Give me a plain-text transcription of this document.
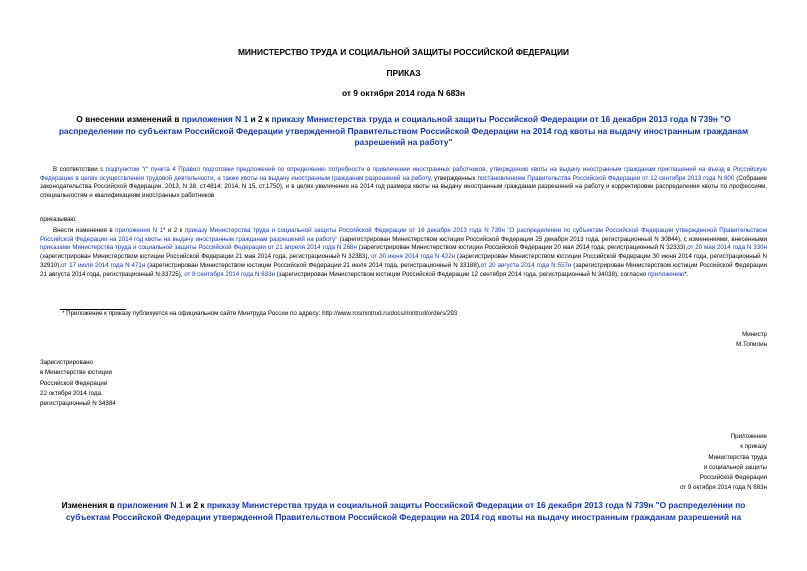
МИНИСТЕРСТВО ТРУДА И СОЦИАЛЬНОЙ ЗАЩИТЫ РОССИЙСКОЙ ФЕДЕРАЦИИ
ПРИКАЗ
от 9 октября 2014 года N 683н
О внесении изменений в приложения N 1 и 2 к приказу Министерства труда и социальной защиты Российской Федерации от 16 декабря 2013 года N 739н "О распределении по субъектам Российской Федерации утвержденной Правительством Российской Федерации на 2014 год квоты на выдачу иностранным гражданам разрешений на работу"

В соответствии с подпунктом "г" пункта 4 Правил подготовки предложений по определению потребности в привлечении иностранных работников, утверждению квоты на выдачу иностранным гражданам приглашений на въезд в Российскую Федерацию в целях осуществления трудовой деятельности, а также квоты на выдачу иностранным гражданам разрешений на работу, утвержденных постановлением Правительства Российской Федерации от 12 сентября 2013 года N 800 (Собрание законодательства Российской Федерации, 2013, N 38, ст.4814; 2014, N 15, ст.1750), и в целях увеличения на 2014 год размера квоты на выдачу иностранным гражданам разрешений на работу и корректировки распределения квоты по профессиям, специальностям и квалификациям иностранных работников

приказываю:

Внести изменения в приложения N 1* и 2 к приказу Министерства труда и социальной защиты Российской Федерации от 16 декабря 2013 года N 739н "О распределении по субъектам Российской Федерации утвержденной Правительством Российской Федерации на 2014 год квоты на выдачу иностранным гражданам разрешений на работу" (зарегистрирован Министерством юстиции Российской Федерации 25 декабря 2013 года, регистрационный N 30844), с изменениями, внесенными приказами Министерства труда и социальной защиты Российской Федерации от 21 апреля 2014 года N 268н (зарегистрирован Министерством юстиции Российской Федерации 20 мая 2014 года, регистрационный N 32333),от 20 мая 2014 года N 330н (зарегистрирован Министерством юстиции Российской Федерации 21 мая 2014 года, регистрационный N 32383), от 30 июня 2014 года N 422н (зарегистрирован Министерством юстиции Российской Федерации 30 июня 2014 года, регистрационный N 32910),от 17 июля 2014 года N 471н (зарегистрирован Министерством юстиции Российской Федерации 21 июля 2014 года, регистрационный N 33188),от 20 августа 2014 года N 557н (зарегистрирован Министерством юстиции Российской Федерации 21 августа 2014 года, регистрационный N 33725), от 8 сентября 2014 года N 633н (зарегистрирован Министерством юстиции Российской Федерации 12 сентября 2014 года, регистрационный N 34038), согласно приложению*.

* Приложение к приказу публикуется на официальном сайте Минтруда России по адресу: http://www.rosmintrud.ru/docs/mintrud/orders/293
Министр
М.Топилин
Зарегистрировано
в Министерстве юстиции
Российской Федерации
22 октября 2014 года,
регистрационный N 34384
Приложение
к приказу
Министерства труда
и социальной защиты
Российской Федерации
от 9 октября 2014 года N 683н
Изменения в приложения N 1 и 2 к приказу Министерства труда и социальной защиты Российской Федерации от 16 декабря 2013 года N 739н "О распределении по субъектам Российской Федерации утвержденной Правительством Российской Федерации на 2014 год квоты на выдачу иностранным гражданам разрешений на
